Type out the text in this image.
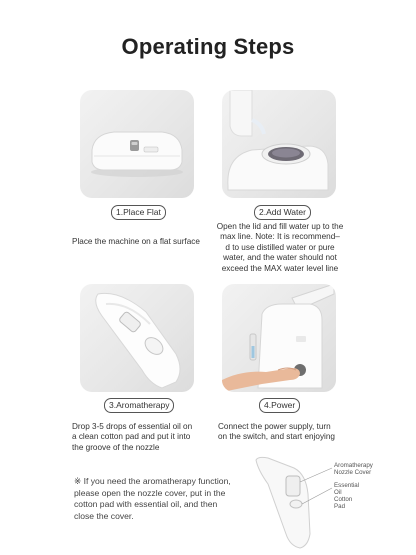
Operating Steps
1.Place Flat	2.Add Water
Place the machine on a flat surface
Open the lid and fill water up to the
max line. Note: It is recommend–
d to use distilled water or pure
water, and the water should not
exceed the MAX water level line
3.Aromatherapy	4.Power
Drop 3-5 drops of essential oil on
a clean cotton pad and put it into
the groove of the nozzle
Connect the power supply, turn
on the switch, and start enjoying
※ If you need the aromatherapy function,
please open the nozzle cover, put in the
cotton pad with essential oil, and then
close the cover.
Aromatherapy
Nozzle Cover
Essential Oil
Cotton Pad
